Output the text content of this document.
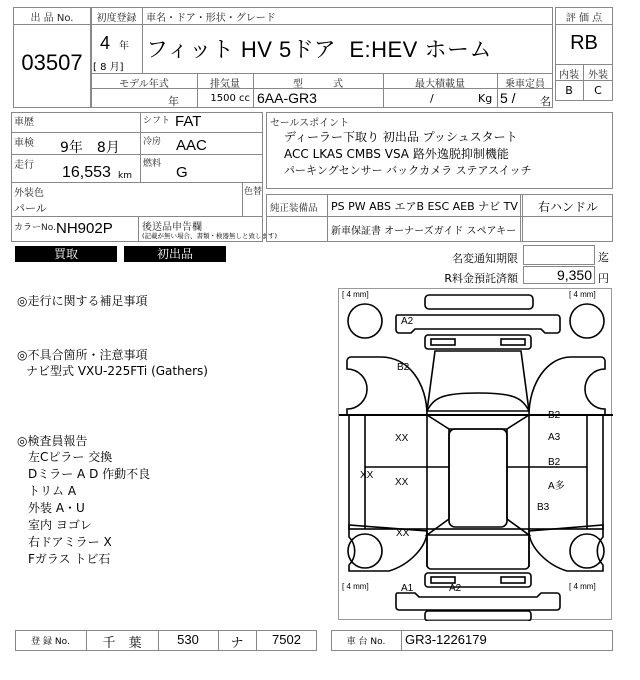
出 品 No.
03507
初度登録 車名・ドア・形状・グレード
4 年
[ 8 月]
フィット HV 5ドア  E:HEV ホーム
モデル年式	排気量	型　　　式	最大積載量	乗車定員
年	1500 cc 6AA-GR3	/	Kg 5 / 名
評 価 点
RB
内装 外装
B	C
車歴
車検 9年　8月
走行 16,553 km
シフト FAT
冷房 AAC
燃料 G
外装色
パール
色替
カラーNo. NH902P	後送品申告欄
(記載が無い場合、書類・検器無しと致します)
セールスポイント
ディーラー下取り 初出品 プッシュスタート
ACC LKAS CMBS VSA 路外逸脱抑制機能
パーキングセンサー バックカメラ ステアスイッチ
純正装備品 PS PW ABS エアB ESC AEB ナビ TV	右ハンドル
新車保証書 オーナーズガイド スペアキー
買取	初出品	名変通知期限	迄
R料金預託済額	9,350 円
◎走行に関する補足事項
◎不具合箇所・注意事項
ナビ型式 VXU-225FTi (Gathers)
◎検査員報告
左Cピラー 交換
Dミラー A D 作動不良
トリム A
外装 A・U
室内 ヨゴレ
右ドアミラー X
Fガラス トビ石
[ 4 mm]	[ 4 mm]
[ 4 mm]	[ 4 mm]
A2
B2
XX
XX
XX
XX
B2
A3
B2
A多
B3
A1	A2
登 録 No.	千　葉	530	ナ	7502	車 台 No.	GR3-1226179
